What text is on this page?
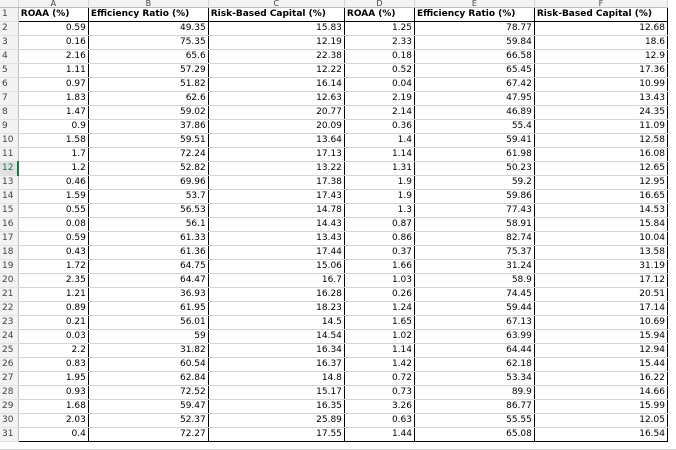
	A	B	C	D	E	F
1	ROAA (%)	Efficiency Ratio (%)	Risk-Based Capital (%)	ROAA (%)	Efficiency Ratio (%)	Risk-Based Capital (%)
2	0.59	49.35	15.83	1.25	78.77	12.68
3	0.16	75.35	12.19	2.33	59.84	18.6
4	2.16	65.6	22.38	0.18	66.58	12.9
5	1.11	57.29	12.22	0.52	65.45	17.36
6	0.97	51.82	16.14	0.04	67.42	10.99
7	1.83	62.6	12.63	2.19	47.95	13.43
8	1.47	59.02	20.77	2.14	46.89	24.35
9	0.9	37.86	20.09	0.36	55.4	11.09
10	1.58	59.51	13.64	1.4	59.41	12.58
11	1.7	72.24	17.13	1.14	61.98	16.08
12	1.2	52.82	13.22	1.31	50.23	12.65
13	0.46	69.96	17.38	1.9	59.2	12.95
14	1.59	53.7	17.43	1.9	59.86	16.65
15	0.55	56.53	14.78	1.3	77.43	14.53
16	0.08	56.1	14.43	0.87	58.91	15.84
17	0.59	61.33	13.43	0.86	82.74	10.04
18	0.43	61.36	17.44	0.37	75.37	13.58
19	1.72	64.75	15.06	1.66	31.24	31.19
20	2.35	64.47	16.7	1.03	58.9	17.12
21	1.21	36.93	16.28	0.26	74.45	20.51
22	0.89	61.95	18.23	1.24	59.44	17.14
23	0.21	56.01	14.5	1.65	67.13	10.69
24	0.03	59	14.54	1.02	63.99	15.94
25	2.2	31.82	16.34	1.14	64.44	12.94
26	0.83	60.54	16.37	1.42	62.18	15.44
27	1.95	62.84	14.8	0.72	53.34	16.22
28	0.93	72.52	15.17	0.73	89.9	14.66
29	1.68	59.47	16.35	3.26	86.77	15.99
30	2.03	52.37	25.89	0.63	55.55	12.05
31	0.4	72.27	17.55	1.44	65.08	16.54
